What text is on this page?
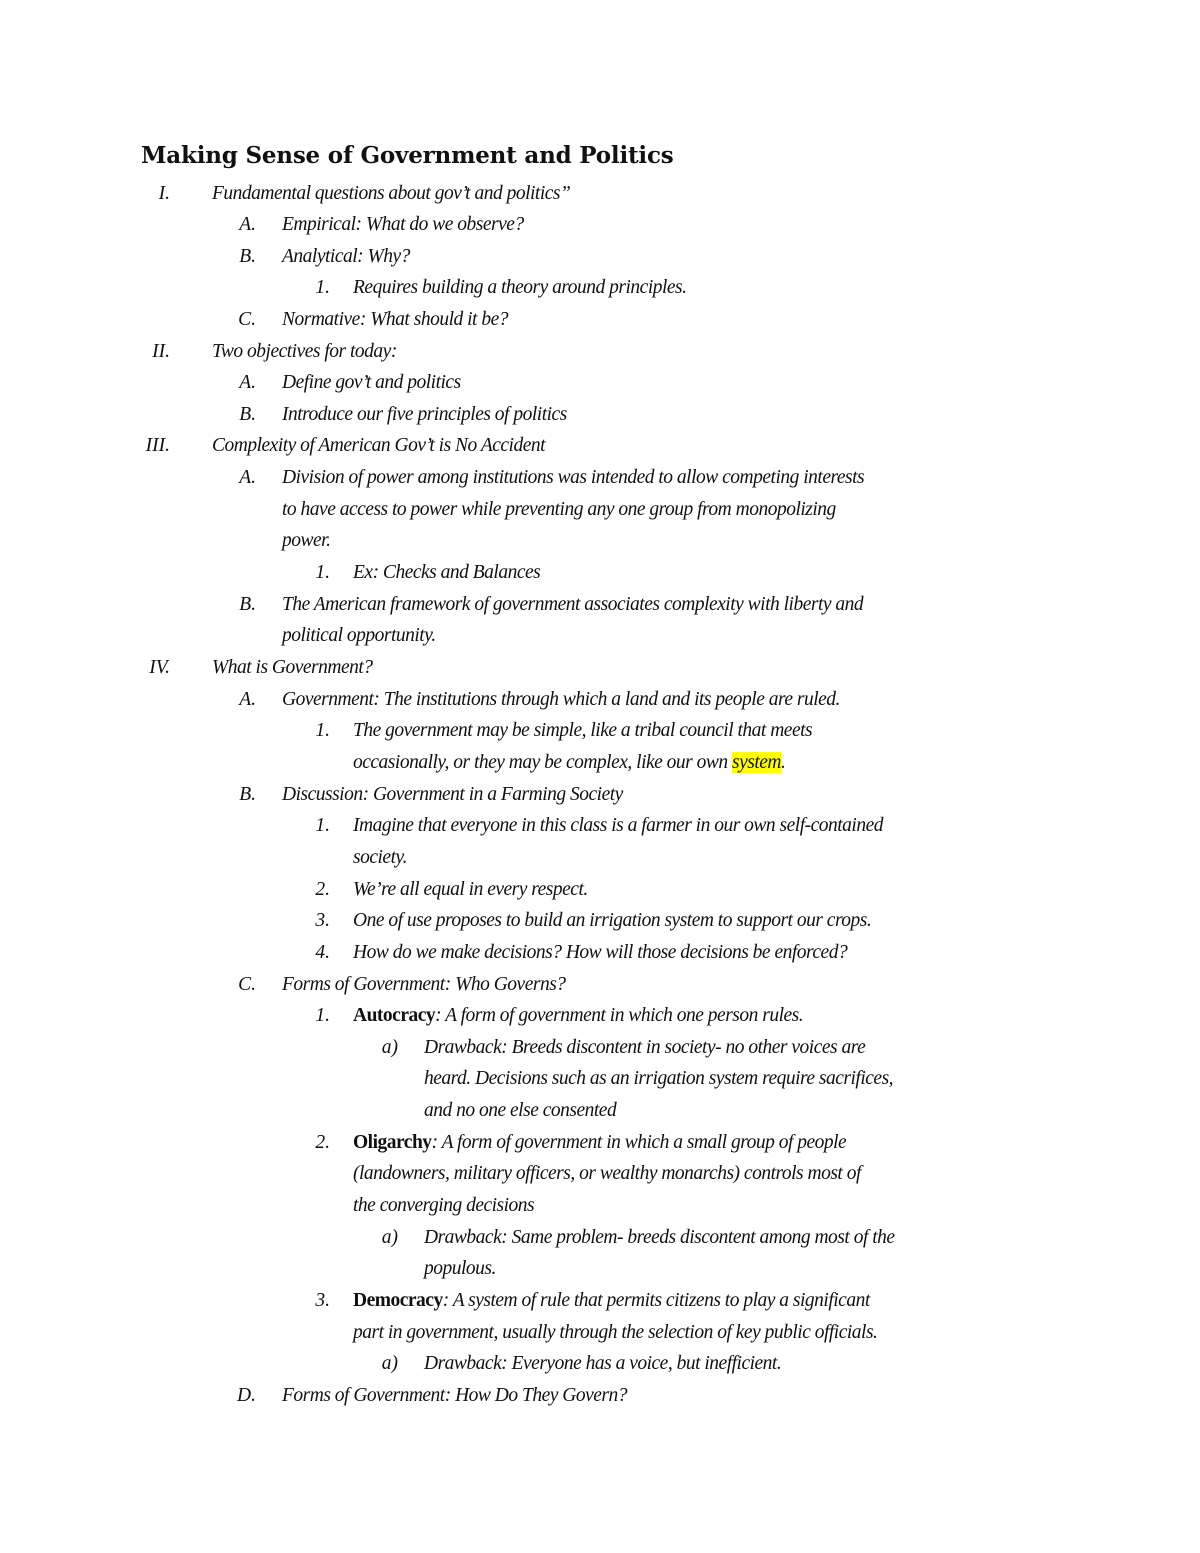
Making Sense of Government and Politics
I. Fundamental questions about gov’t and politics”
A. Empirical: What do we observe?
B. Analytical: Why?
1. Requires building a theory around principles.
C. Normative: What should it be?
II. Two objectives for today:
A. Define gov’t and politics
B. Introduce our five principles of politics
III. Complexity of American Gov’t is No Accident
A. Division of power among institutions was intended to allow competing interests
to have access to power while preventing any one group from monopolizing
power.
1. Ex: Checks and Balances
B. The American framework of government associates complexity with liberty and
political opportunity.
IV. What is Government?
A. Government: The institutions through which a land and its people are ruled.
1. The government may be simple, like a tribal council that meets
occasionally, or they may be complex, like our own system.
B. Discussion: Government in a Farming Society
1. Imagine that everyone in this class is a farmer in our own self-contained
society.
2. We’re all equal in every respect.
3. One of use proposes to build an irrigation system to support our crops.
4. How do we make decisions? How will those decisions be enforced?
C. Forms of Government: Who Governs?
1. Autocracy: A form of government in which one person rules.
a) Drawback: Breeds discontent in society- no other voices are
heard. Decisions such as an irrigation system require sacrifices,
and no one else consented
2. Oligarchy: A form of government in which a small group of people
(landowners, military officers, or wealthy monarchs) controls most of
the converging decisions
a) Drawback: Same problem- breeds discontent among most of the
populous.
3. Democracy: A system of rule that permits citizens to play a significant
part in government, usually through the selection of key public officials.
a) Drawback: Everyone has a voice, but inefficient.
D. Forms of Government: How Do They Govern?
